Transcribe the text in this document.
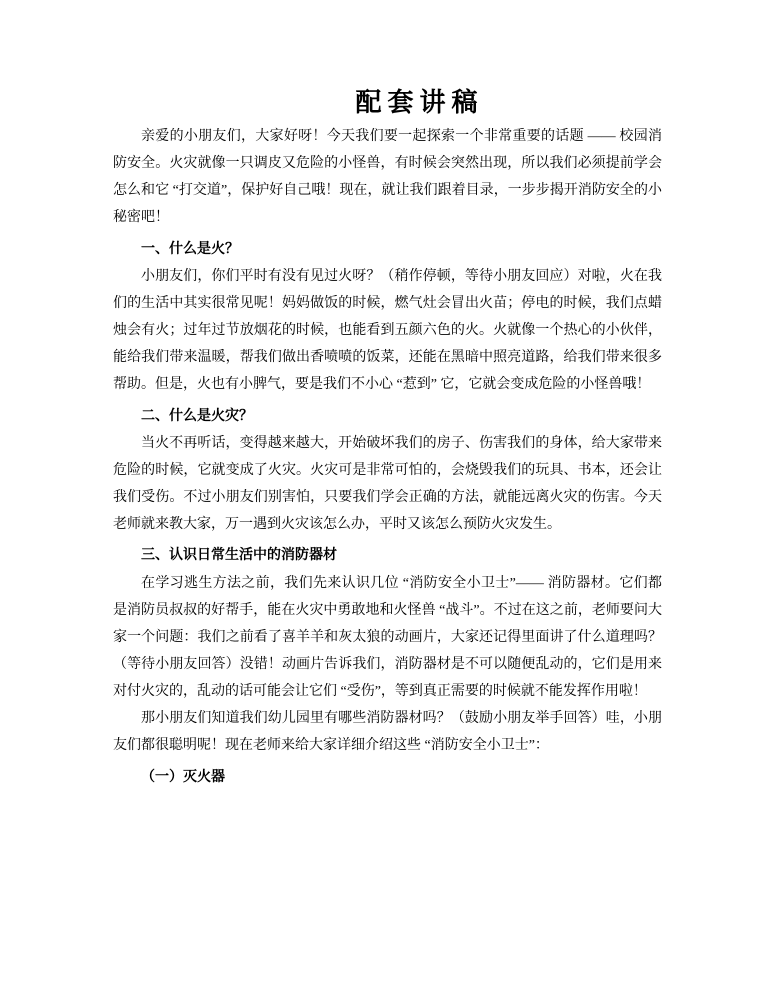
配套讲稿

亲爱的小朋友们，大家好呀！今天我们要一起探索一个非常重要的话题 —— 校园消防安全。火灾就像一只调皮又危险的小怪兽，有时候会突然出现，所以我们必须提前学会怎么和它 “打交道”，保护好自己哦！现在，就让我们跟着目录，一步步揭开消防安全的小秘密吧！

一、什么是火？

小朋友们，你们平时有没有见过火呀？（稍作停顿，等待小朋友回应）对啦，火在我们的生活中其实很常见呢！妈妈做饭的时候，燃气灶会冒出火苗；停电的时候，我们点蜡烛会有火；过年过节放烟花的时候，也能看到五颜六色的火。火就像一个热心的小伙伴，能给我们带来温暖，帮我们做出香喷喷的饭菜，还能在黑暗中照亮道路，给我们带来很多帮助。但是，火也有小脾气，要是我们不小心 “惹到” 它，它就会变成危险的小怪兽哦！

二、什么是火灾？

当火不再听话，变得越来越大，开始破坏我们的房子、伤害我们的身体，给大家带来危险的时候，它就变成了火灾。火灾可是非常可怕的，会烧毁我们的玩具、书本，还会让我们受伤。不过小朋友们别害怕，只要我们学会正确的方法，就能远离火灾的伤害。今天老师就来教大家，万一遇到火灾该怎么办，平时又该怎么预防火灾发生。

三、认识日常生活中的消防器材

在学习逃生方法之前，我们先来认识几位 “消防安全小卫士”—— 消防器材。它们都是消防员叔叔的好帮手，能在火灾中勇敢地和火怪兽 “战斗”。不过在这之前，老师要问大家一个问题：我们之前看了喜羊羊和灰太狼的动画片，大家还记得里面讲了什么道理吗？（等待小朋友回答）没错！动画片告诉我们，消防器材是不可以随便乱动的，它们是用来对付火灾的，乱动的话可能会让它们 “受伤”，等到真正需要的时候就不能发挥作用啦！

那小朋友们知道我们幼儿园里有哪些消防器材吗？（鼓励小朋友举手回答）哇，小朋友们都很聪明呢！现在老师来给大家详细介绍这些 “消防安全小卫士”：

（一）灭火器
